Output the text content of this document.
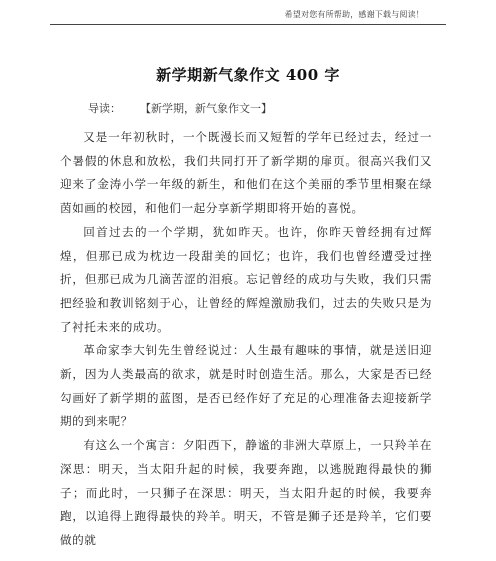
希望对您有所帮助，感谢下载与阅读！
新学期新气象作文 400 字
导读： 【新学期，新气象作文一】

又是一年初秋时，一个既漫长而又短暂的学年已经过去，经过一个暑假的休息和放松，我们共同打开了新学期的扉页。很高兴我们又迎来了金涛小学一年级的新生，和他们在这个美丽的季节里相聚在绿茵如画的校园，和他们一起分享新学期即将开始的喜悦。

回首过去的一个学期，犹如昨天。也许，你昨天曾经拥有过辉煌，但那已成为枕边一段甜美的回忆；也许，我们也曾经遭受过挫折，但那已成为几滴苦涩的泪痕。忘记曾经的成功与失败，我们只需把经验和教训铭刻于心，让曾经的辉煌激励我们，过去的失败只是为了衬托未来的成功。

革命家李大钊先生曾经说过：人生最有趣味的事情，就是送旧迎新，因为人类最高的欲求，就是时时创造生活。那么，大家是否已经勾画好了新学期的蓝图，是否已经作好了充足的心理准备去迎接新学期的到来呢？

有这么一个寓言：夕阳西下，静谧的非洲大草原上，一只羚羊在深思：明天，当太阳升起的时候，我要奔跑，以逃脱跑得最快的狮子；而此时，一只狮子在深思：明天，当太阳升起的时候，我要奔跑，以追得上跑得最快的羚羊。明天，不管是狮子还是羚羊，它们要做的就
